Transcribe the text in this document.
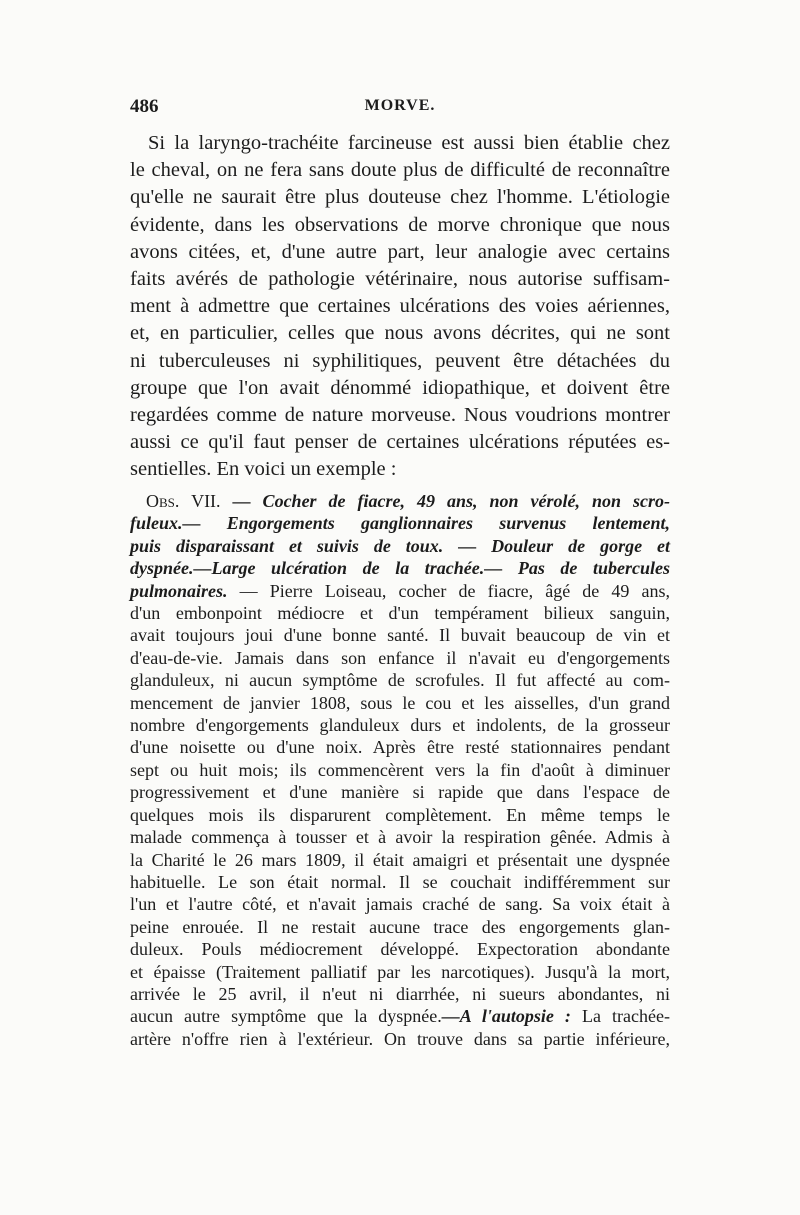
486	MORVE.

Si la laryngo-trachéite farcineuse est aussi bien établie chez
le cheval, on ne fera sans doute plus de difficulté de reconnaître
qu'elle ne saurait être plus douteuse chez l'homme. L'étiologie
évidente, dans les observations de morve chronique que nous
avons citées, et, d'une autre part, leur analogie avec certains
faits avérés de pathologie vétérinaire, nous autorise suffisam-
ment à admettre que certaines ulcérations des voies aériennes,
et, en particulier, celles que nous avons décrites, qui ne sont
ni tuberculeuses ni syphilitiques, peuvent être détachées du
groupe que l'on avait dénommé idiopathique, et doivent être
regardées comme de nature morveuse. Nous voudrions montrer
aussi ce qu'il faut penser de certaines ulcérations réputées es-
sentielles. En voici un exemple :

Obs. VII. — Cocher de fiacre, 49 ans, non vérolé, non scro-
fuleux.— Engorgements ganglionnaires survenus lentement,
puis disparaissant et suivis de toux. — Douleur de gorge et
dyspnée.—Large ulcération de la trachée.— Pas de tubercules
pulmonaires. — Pierre Loiseau, cocher de fiacre, âgé de 49 ans,
d'un embonpoint médiocre et d'un tempérament bilieux sanguin,
avait toujours joui d'une bonne santé. Il buvait beaucoup de vin et
d'eau-de-vie. Jamais dans son enfance il n'avait eu d'engorgements
glanduleux, ni aucun symptôme de scrofules. Il fut affecté au com-
mencement de janvier 1808, sous le cou et les aisselles, d'un grand
nombre d'engorgements glanduleux durs et indolents, de la grosseur
d'une noisette ou d'une noix. Après être resté stationnaires pendant
sept ou huit mois; ils commencèrent vers la fin d'août à diminuer
progressivement et d'une manière si rapide que dans l'espace de
quelques mois ils disparurent complètement. En même temps le
malade commença à tousser et à avoir la respiration gênée. Admis à
la Charité le 26 mars 1809, il était amaigri et présentait une dyspnée
habituelle. Le son était normal. Il se couchait indifféremment sur
l'un et l'autre côté, et n'avait jamais craché de sang. Sa voix était à
peine enrouée. Il ne restait aucune trace des engorgements glan-
duleux. Pouls médiocrement développé. Expectoration abondante
et épaisse (Traitement palliatif par les narcotiques). Jusqu'à la mort,
arrivée le 25 avril, il n'eut ni diarrhée, ni sueurs abondantes, ni
aucun autre symptôme que la dyspnée.—A l'autopsie : La trachée-
artère n'offre rien à l'extérieur. On trouve dans sa partie inférieure,
